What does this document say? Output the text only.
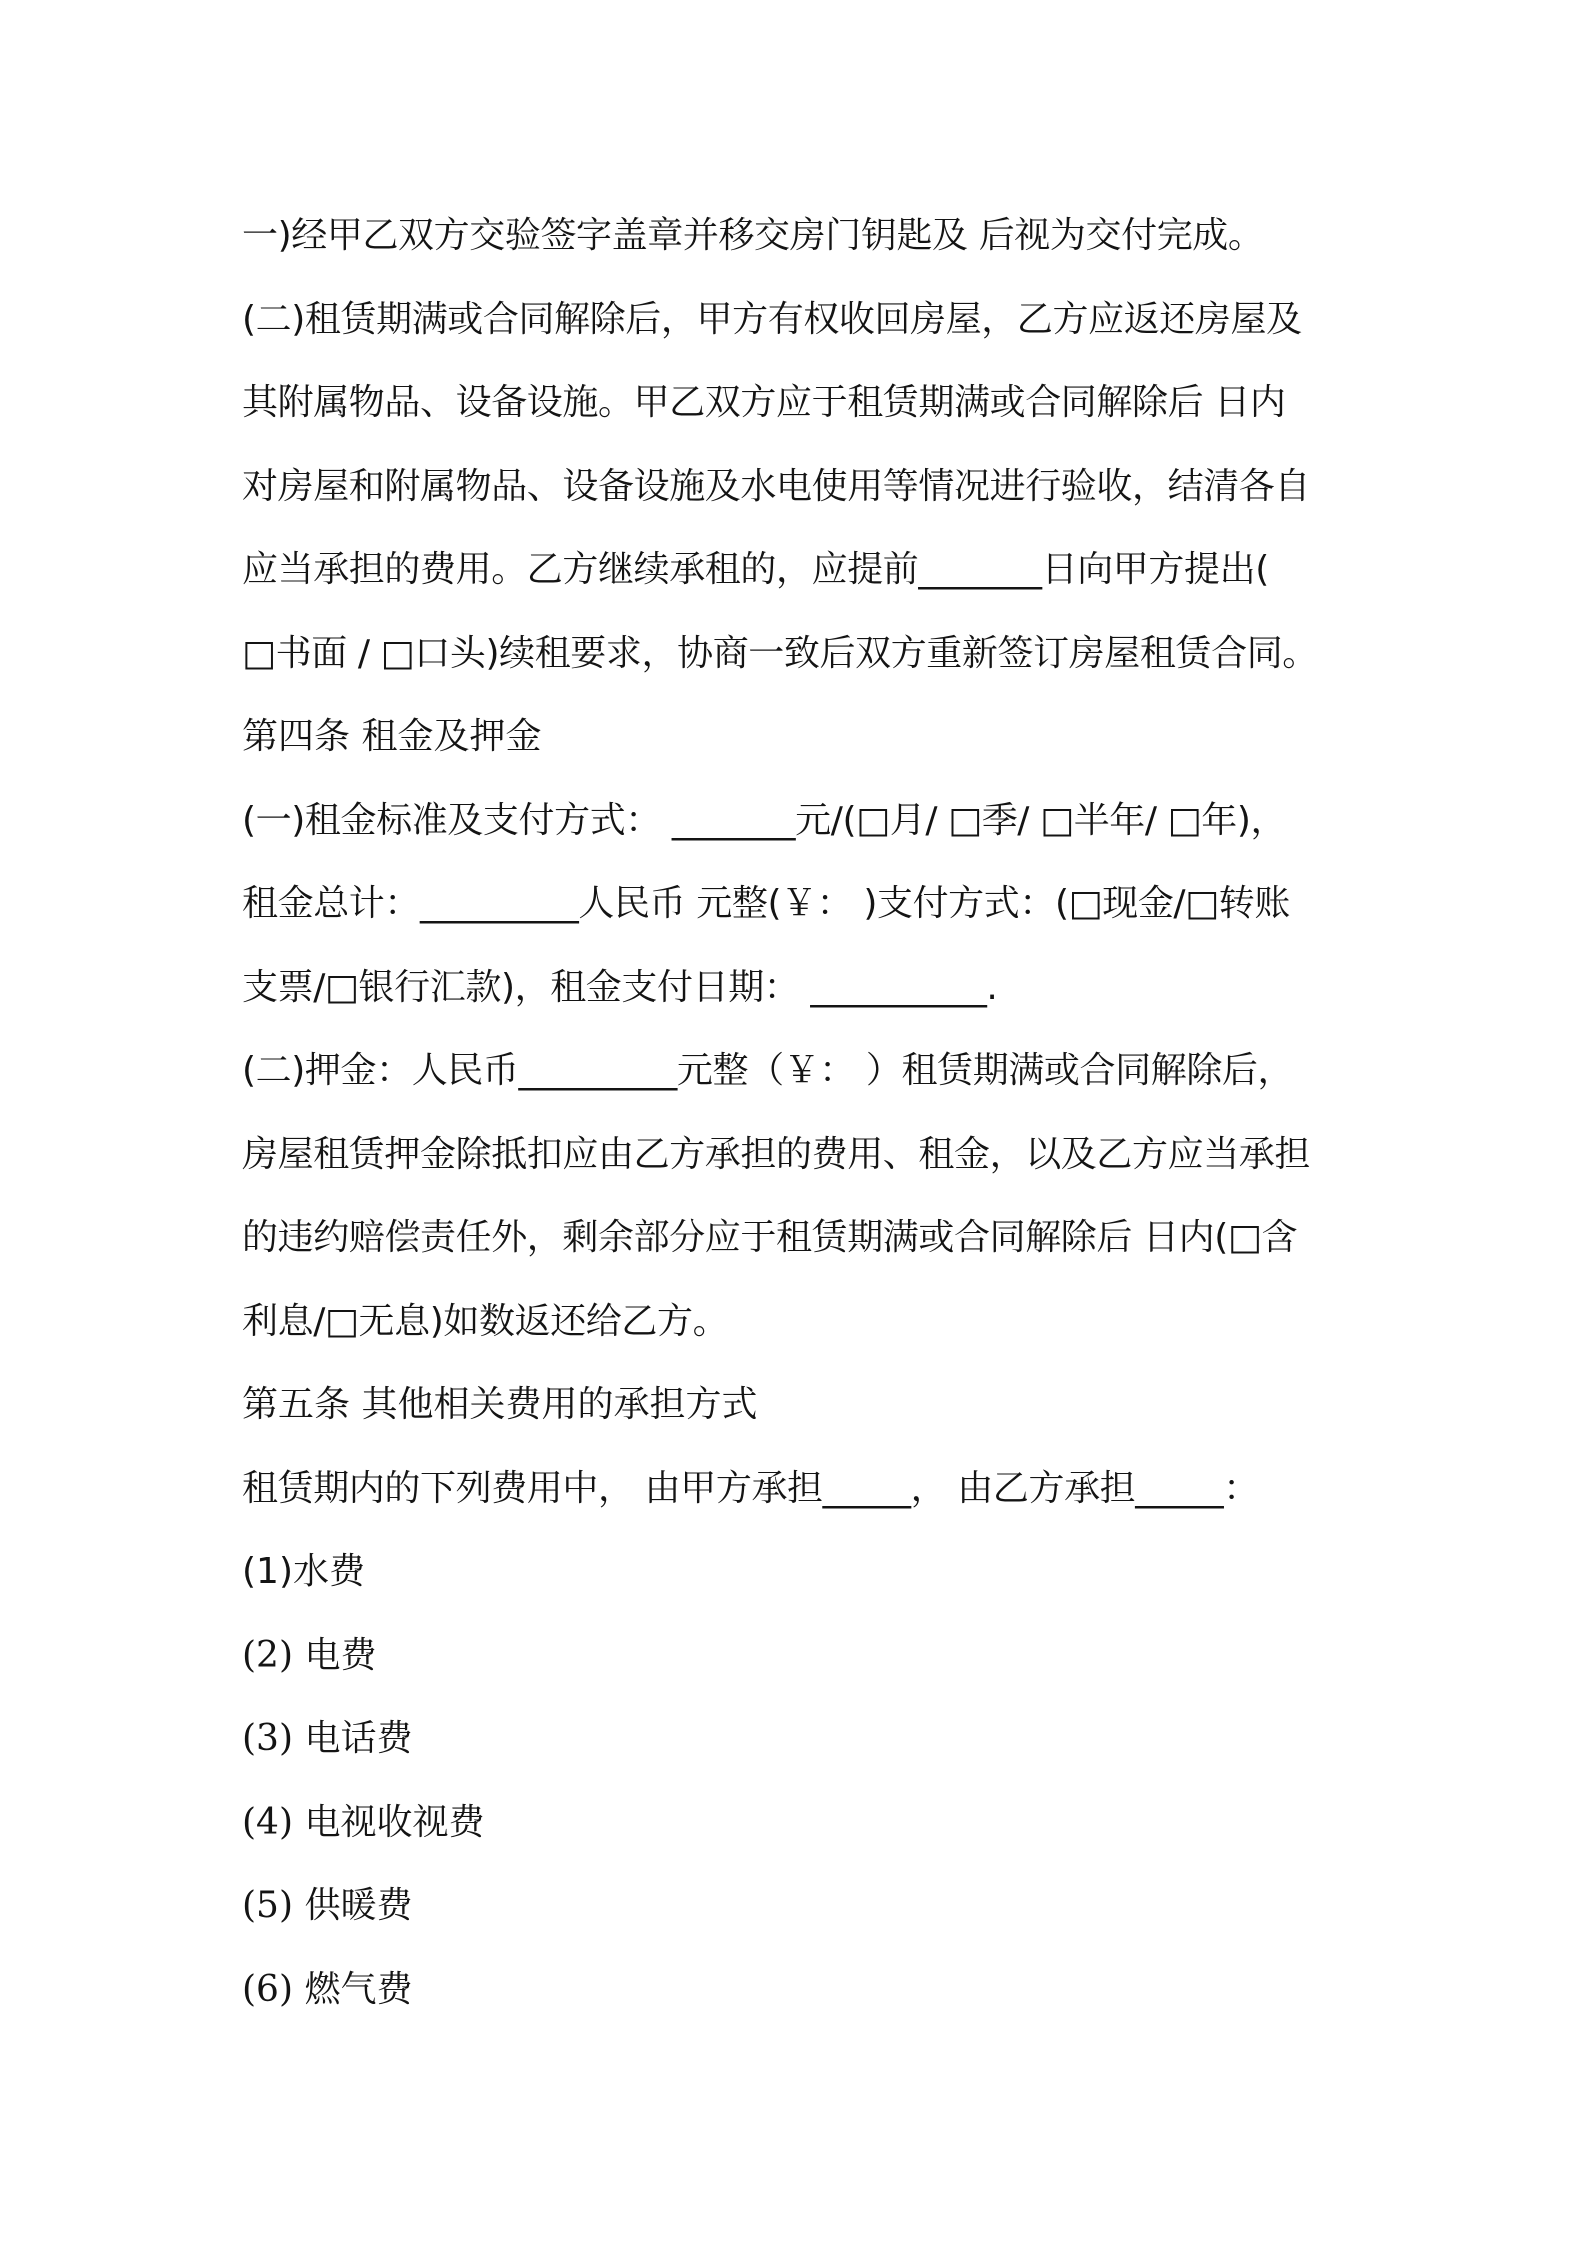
一)经甲乙双方交验签字盖章并移交房门钥匙及 后视为交付完成。
(二)租赁期满或合同解除后，甲方有权收回房屋，乙方应返还房屋及
其附属物品、设备设施。甲乙双方应于租赁期满或合同解除后 日内
对房屋和附属物品、设备设施及水电使用等情况进行验收，结清各自
应当承担的费用。乙方继续承租的，应提前_______日向甲方提出(
□书面 / □口头)续租要求，协商一致后双方重新签订房屋租赁合同。
第四条 租金及押金
(一)租金标准及支付方式： _______元/(□月/ □季/ □半年/ □年)，
租金总计：_________人民币 元整(￥： )支付方式：(□现金/□转账
支票/□银行汇款)，租金支付日期： __________.
(二)押金：人民币_________元整（￥： ）租赁期满或合同解除后，
房屋租赁押金除抵扣应由乙方承担的费用、租金，以及乙方应当承担
的违约赔偿责任外，剩余部分应于租赁期满或合同解除后 日内(□含
利息/□无息)如数返还给乙方。
第五条 其他相关费用的承担方式
租赁期内的下列费用中， 由甲方承担_____， 由乙方承担_____：
(1)水费
(2) 电费
(3) 电话费
(4) 电视收视费
(5) 供暖费
(6) 燃气费
